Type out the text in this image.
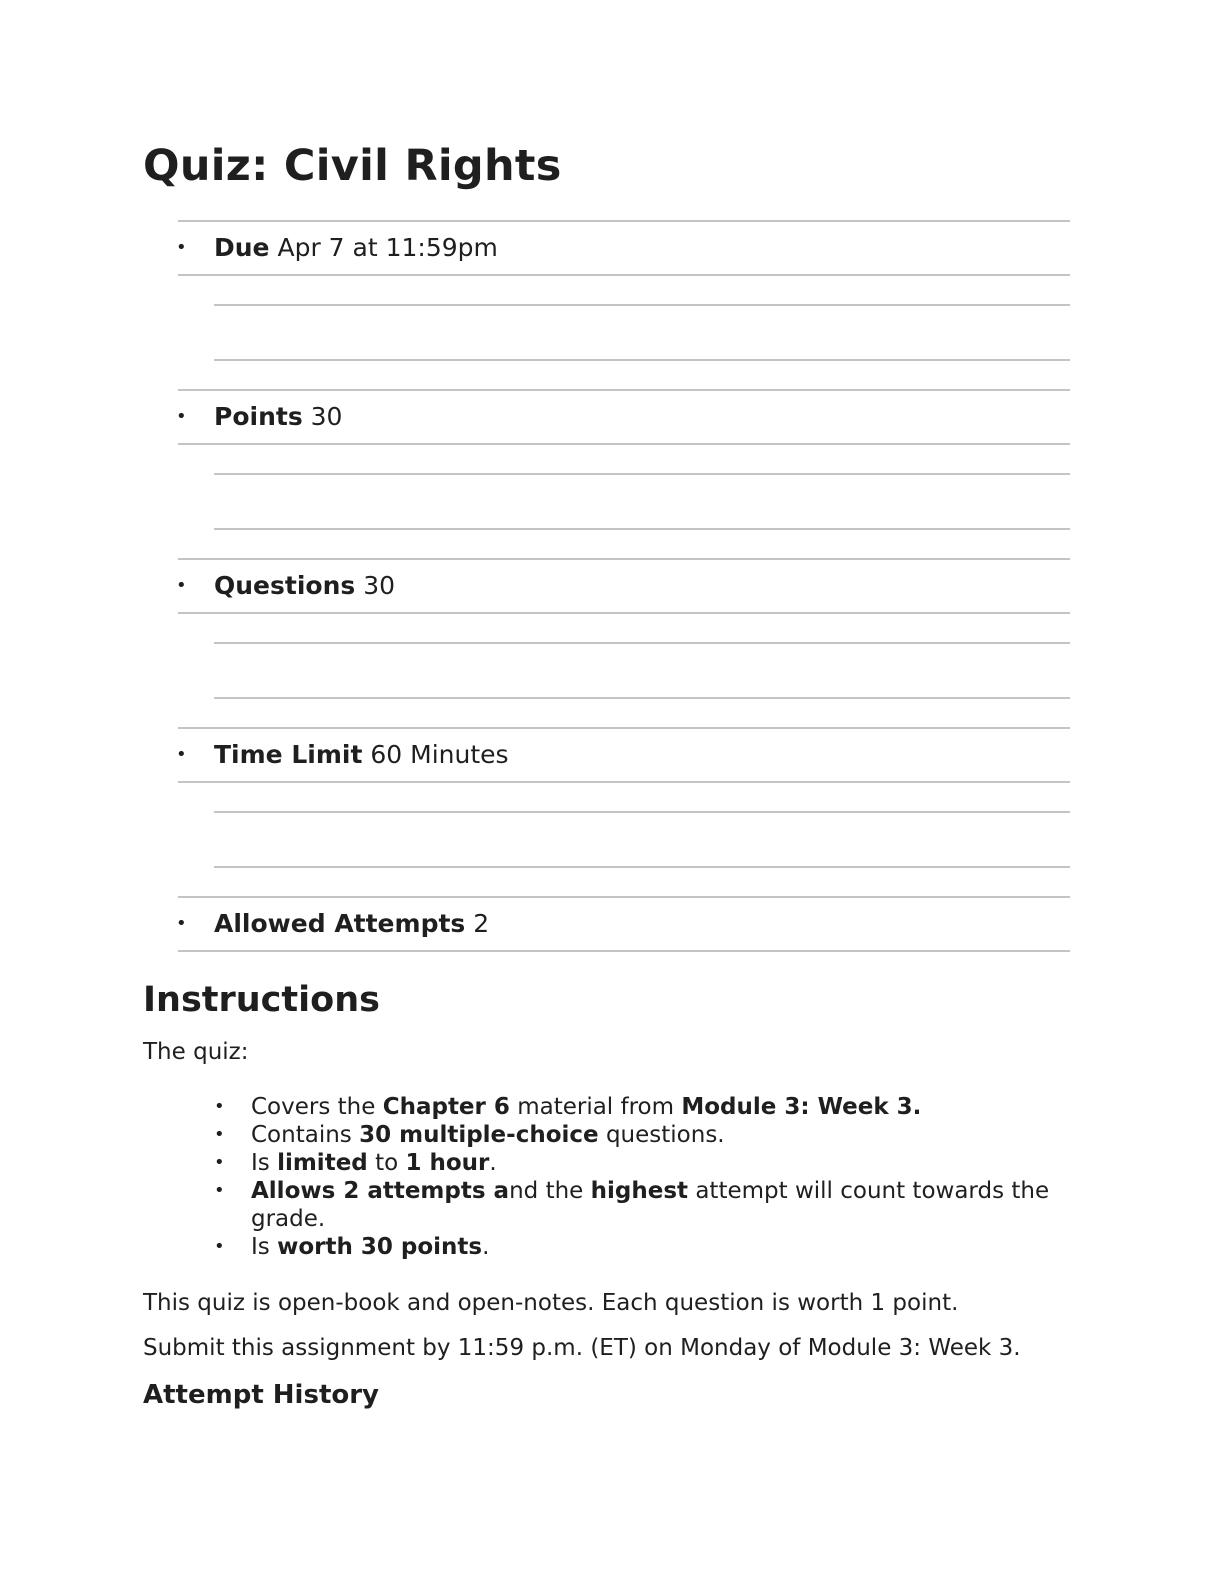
Quiz: Civil Rights
• Due Apr 7 at 11:59pm
• Points 30
• Questions 30
• Time Limit 60 Minutes
• Allowed Attempts 2
Instructions
The quiz:
• Covers the Chapter 6 material from Module 3: Week 3.
• Contains 30 multiple-choice questions.
• Is limited to 1 hour.
• Allows 2 attempts and the highest attempt will count towards the grade.
• Is worth 30 points.
This quiz is open-book and open-notes. Each question is worth 1 point.
Submit this assignment by 11:59 p.m. (ET) on Monday of Module 3: Week 3.
Attempt History
